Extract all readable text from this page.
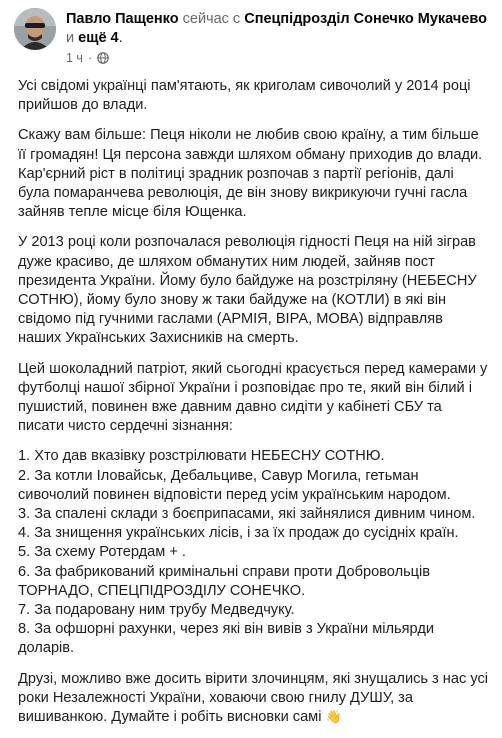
Павло Пащенко сейчас с Спецпідрозділ Сонечко Мукачево и ещё 4.
1 ч ·

Усі свідомі українці пам'ятають, як криголам сивочолий у 2014 році прийшов до влади.

Скажу вам більше: Пеця ніколи не любив свою країну, а тим більше її громадян! Ця персона завжди шляхом обману приходив до влади. Кар'єрний ріст в політиці зрадник розпочав з партії регіонів, далі була помаранчева революція, де він знову викрикуючи гучні гасла зайняв тепле місце біля Ющенка.

У 2013 році коли розпочалася революція гідності Пеця на ній зіграв дуже красиво, де шляхом обманутих ним людей, зайняв пост президента України. Йому було байдуже на розстріляну (НЕБЕСНУ СОТНЮ), йому було знову ж таки байдуже на (КОТЛИ) в які він свідомо під гучними гаслами (АРМІЯ, ВІРА, МОВА) відправляв наших Українських Захисників на смерть.

Цей шоколадний патріот, який сьогодні красується перед камерами у футболці нашої збірної України і розповідає про те, який він білий і пушистий, повинен вже давним давно сидіти у кабінеті СБУ та писати чисто сердечні зізнання:

1. Хто дав вказівку розстрілювати НЕБЕСНУ СОТНЮ.
2. За котли Іловайськ, Дебальциве, Савур Могила, гетьман сивочолий повинен відповісти перед усім українським народом.
3. За спалені склади з боєприпасами, які зайнялися дивним чином.
4. За знищення українських лісів, і за їх продаж до сусідніх країн.
5. За схему Ротердам + .
6. За фабрикований кримінальні справи проти Добровольців ТОРНАДО, СПЕЦПІДРОЗДІЛУ СОНЕЧКО.
7. За подаровану ним трубу Медведчуку.
8. За офшорні рахунки, через які він вивів з України мільярди доларів.

Друзі, можливо вже досить вірити злочинцям, які знущались з нас усі роки Незалежності України, ховаючи свою гнилу ДУШУ, за вишиванкою. Думайте і робіть висновки самі 👋
